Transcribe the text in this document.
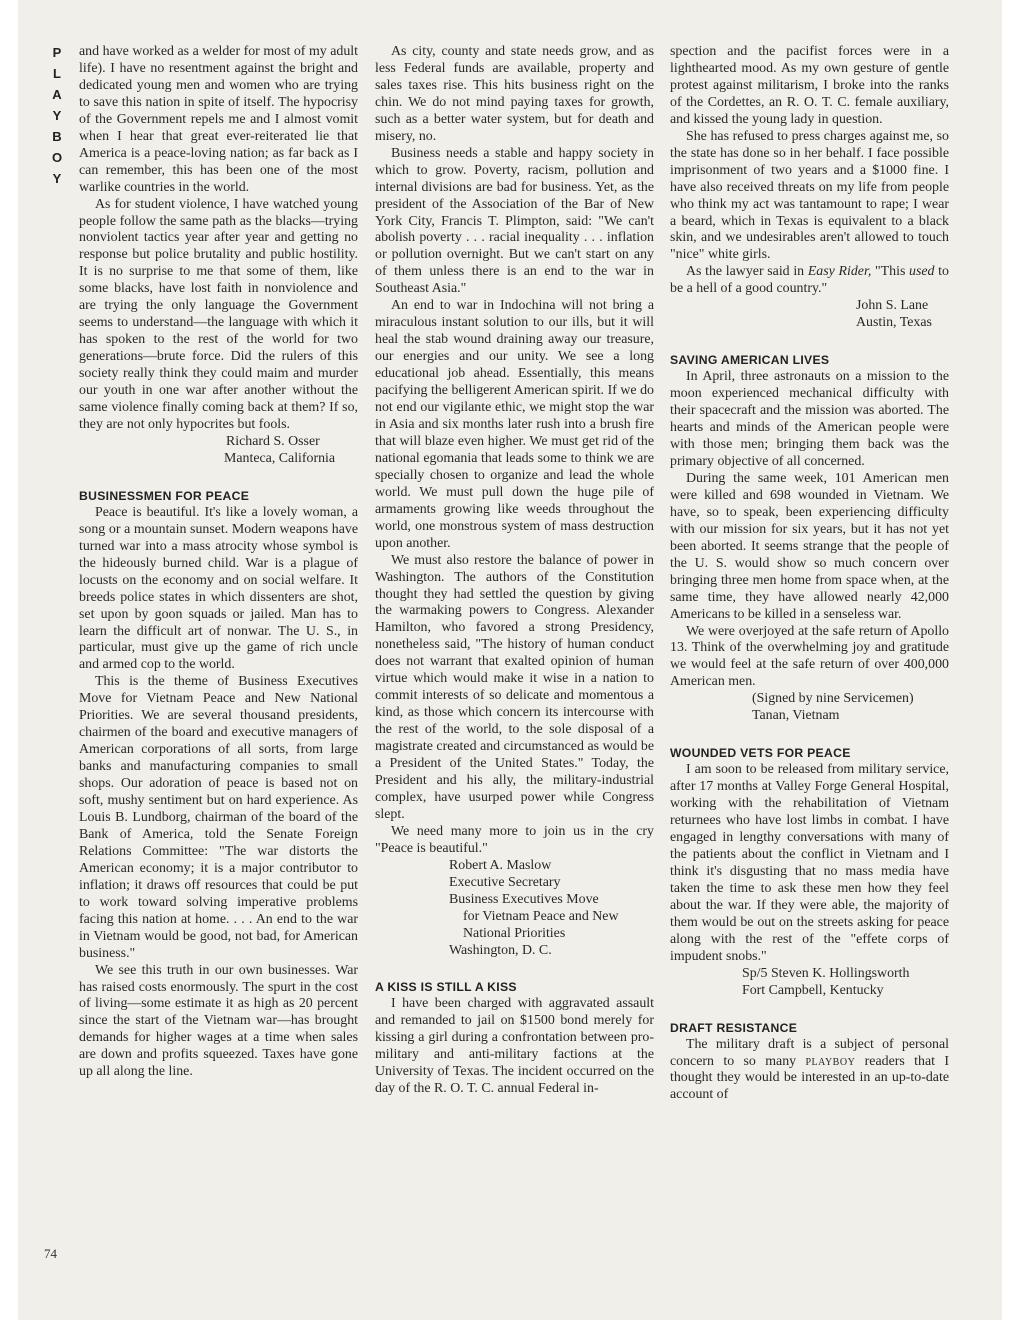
P
L
A
Y
B
O
Y
74

and have worked as a welder for most of my adult life). I have no resentment against the bright and dedicated young men and women who are trying to save this nation in spite of itself. The hypocrisy of the Government repels me and I almost vomit when I hear that great ever-reiterated lie that America is a peace-loving nation; as far back as I can remember, this has been one of the most warlike countries in the world.

As for student violence, I have watched young people follow the same path as the blacks—trying nonviolent tactics year after year and getting no response but police brutality and public hostility. It is no surprise to me that some of them, like some blacks, have lost faith in nonviolence and are trying the only language the Government seems to understand—the language with which it has spoken to the rest of the world for two generations—brute force. Did the rulers of this society really think they could maim and murder our youth in one war after another without the same violence finally coming back at them? If so, they are not only hypocrites but fools.

Richard S. Osser
Manteca, California
BUSINESSMEN FOR PEACE

Peace is beautiful. It's like a lovely woman, a song or a mountain sunset. Modern weapons have turned war into a mass atrocity whose symbol is the hideously burned child. War is a plague of locusts on the economy and on social welfare. It breeds police states in which dissenters are shot, set upon by goon squads or jailed. Man has to learn the difficult art of nonwar. The U. S., in particular, must give up the game of rich uncle and armed cop to the world.

This is the theme of Business Executives Move for Vietnam Peace and New National Priorities. We are several thousand presidents, chairmen of the board and executive managers of American corporations of all sorts, from large banks and manufacturing companies to small shops. Our adoration of peace is based not on soft, mushy sentiment but on hard experience. As Louis B. Lundborg, chairman of the board of the Bank of America, told the Senate Foreign Relations Committee: "The war distorts the American economy; it is a major contributor to inflation; it draws off resources that could be put to work toward solving imperative problems facing this nation at home. . . . An end to the war in Vietnam would be good, not bad, for American business."

We see this truth in our own businesses. War has raised costs enormously. The spurt in the cost of living—some estimate it as high as 20 percent since the start of the Vietnam war—has brought demands for higher wages at a time when sales are down and profits squeezed. Taxes have gone up all along the line.

As city, county and state needs grow, and as less Federal funds are available, property and sales taxes rise. This hits business right on the chin. We do not mind paying taxes for growth, such as a better water system, but for death and misery, no.

Business needs a stable and happy society in which to grow. Poverty, racism, pollution and internal divisions are bad for business. Yet, as the president of the Association of the Bar of New York City, Francis T. Plimpton, said: "We can't abolish poverty . . . racial inequality . . . inflation or pollution overnight. But we can't start on any of them unless there is an end to the war in Southeast Asia."

An end to war in Indochina will not bring a miraculous instant solution to our ills, but it will heal the stab wound draining away our treasure, our energies and our unity. We see a long educational job ahead. Essentially, this means pacifying the belligerent American spirit. If we do not end our vigilante ethic, we might stop the war in Asia and six months later rush into a brush fire that will blaze even higher. We must get rid of the national egomania that leads some to think we are specially chosen to organize and lead the whole world. We must pull down the huge pile of armaments growing like weeds throughout the world, one monstrous system of mass destruction upon another.

We must also restore the balance of power in Washington. The authors of the Constitution thought they had settled the question by giving the warmaking powers to Congress. Alexander Hamilton, who favored a strong Presidency, nonetheless said, "The history of human conduct does not warrant that exalted opinion of human virtue which would make it wise in a nation to commit interests of so delicate and momentous a kind, as those which concern its intercourse with the rest of the world, to the sole disposal of a magistrate created and circumstanced as would be a President of the United States." Today, the President and his ally, the military-industrial complex, have usurped power while Congress slept.

We need many more to join us in the cry "Peace is beautiful."

Robert A. Maslow
Executive Secretary
Business Executives Move
for Vietnam Peace and New
National Priorities
Washington, D. C.
A KISS IS STILL A KISS

I have been charged with aggravated assault and remanded to jail on $1500 bond merely for kissing a girl during a confrontation between pro-military and anti-military factions at the University of Texas. The incident occurred on the day of the R. O. T. C. annual Federal in-

spection and the pacifist forces were in a lighthearted mood. As my own gesture of gentle protest against militarism, I broke into the ranks of the Cordettes, an R. O. T. C. female auxiliary, and kissed the young lady in question.

She has refused to press charges against me, so the state has done so in her behalf. I face possible imprisonment of two years and a $1000 fine. I have also received threats on my life from people who think my act was tantamount to rape; I wear a beard, which in Texas is equivalent to a black skin, and we undesirables aren't allowed to touch "nice" white girls.

As the lawyer said in Easy Rider, "This used to be a hell of a good country."

John S. Lane
Austin, Texas
SAVING AMERICAN LIVES

In April, three astronauts on a mission to the moon experienced mechanical difficulty with their spacecraft and the mission was aborted. The hearts and minds of the American people were with those men; bringing them back was the primary objective of all concerned.

During the same week, 101 American men were killed and 698 wounded in Vietnam. We have, so to speak, been experiencing difficulty with our mission for six years, but it has not yet been aborted. It seems strange that the people of the U. S. would show so much concern over bringing three men home from space when, at the same time, they have allowed nearly 42,000 Americans to be killed in a senseless war.

We were overjoyed at the safe return of Apollo 13. Think of the overwhelming joy and gratitude we would feel at the safe return of over 400,000 American men.

(Signed by nine Servicemen)
Tanan, Vietnam
WOUNDED VETS FOR PEACE

I am soon to be released from military service, after 17 months at Valley Forge General Hospital, working with the rehabilitation of Vietnam returnees who have lost limbs in combat. I have engaged in lengthy conversations with many of the patients about the conflict in Vietnam and I think it's disgusting that no mass media have taken the time to ask these men how they feel about the war. If they were able, the majority of them would be out on the streets asking for peace along with the rest of the "effete corps of impudent snobs."

Sp/5 Steven K. Hollingsworth
Fort Campbell, Kentucky
DRAFT RESISTANCE

The military draft is a subject of personal concern to so many playboy readers that I thought they would be interested in an up-to-date account of
